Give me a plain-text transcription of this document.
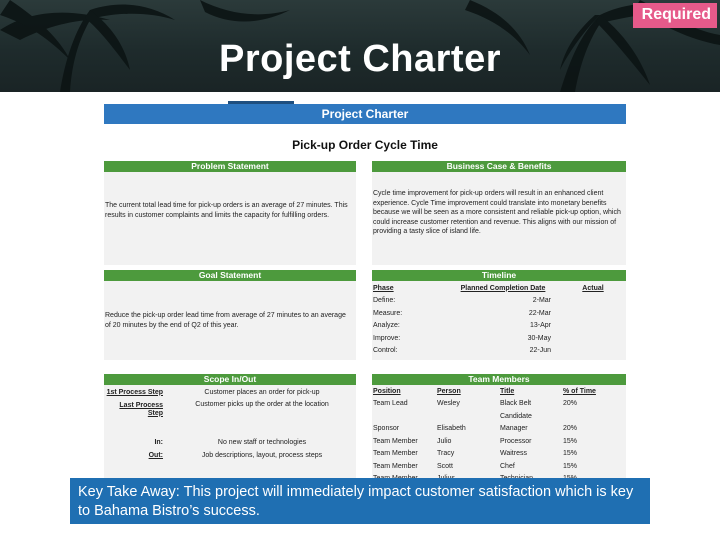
Project Charter
Required
Project Charter
Pick-up Order Cycle Time
Problem Statement
The current total lead time for pick-up orders is an average of 27 minutes. This results in customer complaints and limits the capacity for fulfilling orders.
Business Case & Benefits
Cycle time improvement for pick-up orders will result in an enhanced client experience. Cycle Time improvement could translate into monetary benefits because we will be seen as a more consistent and reliable pick-up option, which could increase customer retention and revenue. This aligns with our mission of providing a tasty slice of island life.
Goal Statement
Reduce the pick-up order lead time from average of 27 minutes to an average of 20 minutes by the end of Q2 of this year.
Timeline
Phase	Planned Completion Date	Actual
Define:	2-Mar	
Measure:	22-Mar	
Analyze:	13-Apr	
Improve:	30-May	
Control:	22-Jun	
Scope In/Out
1st Process Step	Customer places an order for pick-up
Last Process Step	Customer picks up the order at the location

In:	No new staff or technologies
Out:	Job descriptions, layout, process steps
Team Members
Position	Person	Title	% of Time
Team Lead	Wesley	Black Belt	20%
		Candidate	
Sponsor	Elisabeth	Manager	20%
Team Member	Julio	Processor	15%
Team Member	Tracy	Waitress	15%
Team Member	Scott	Chef	15%

Key Take Away: This project will immediately impact customer satisfaction which is key to Bahama Bistro’s success.
